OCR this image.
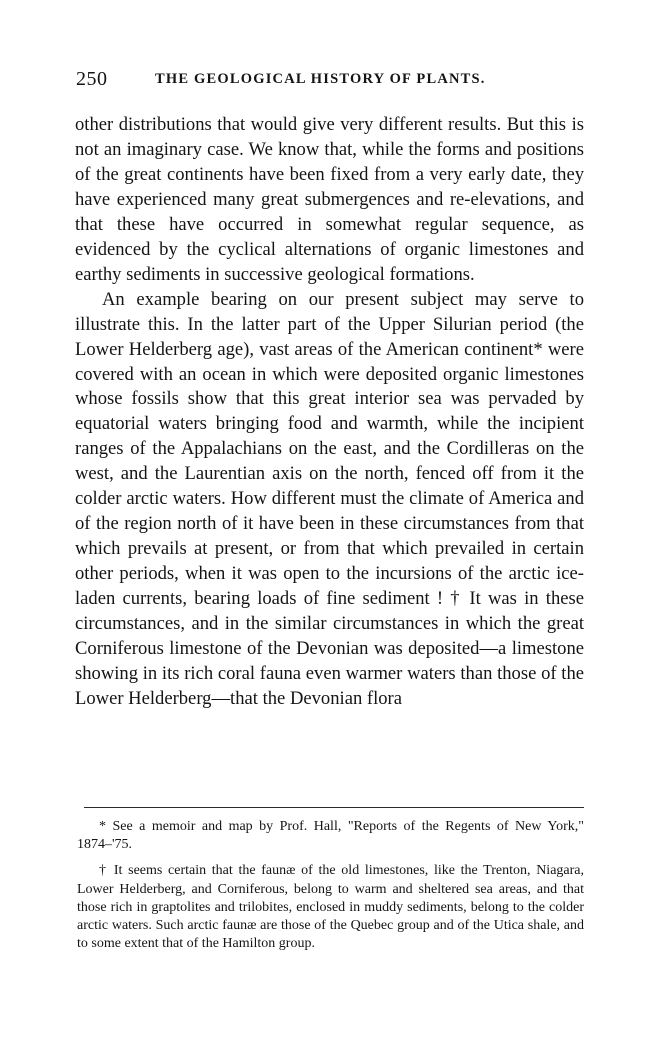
250	THE GEOLOGICAL HISTORY OF PLANTS.

other distributions that would give very different results. But this is not an imaginary case. We know that, while the forms and positions of the great continents have been fixed from a very early date, they have experienced many great submergences and re-elevations, and that these have occurred in somewhat regular sequence, as evidenced by the cyclical alternations of organic limestones and earthy sediments in successive geological formations.

An example bearing on our present subject may serve to illustrate this. In the latter part of the Upper Silurian period (the Lower Helderberg age), vast areas of the American continent* were covered with an ocean in which were deposited organic limestones whose fossils show that this great interior sea was pervaded by equatorial waters bringing food and warmth, while the incipient ranges of the Appalachians on the east, and the Cordilleras on the west, and the Laurentian axis on the north, fenced off from it the colder arctic waters. How different must the climate of America and of the region north of it have been in these circumstances from that which prevails at present, or from that which prevailed in certain other periods, when it was open to the incursions of the arctic ice-laden currents, bearing loads of fine sediment ! † It was in these circumstances, and in the similar circumstances in which the great Corniferous limestone of the Devonian was deposited—a limestone showing in its rich coral fauna even warmer waters than those of the Lower Helderberg—that the Devonian flora

* See a memoir and map by Prof. Hall, "Reports of the Regents of New York," 1874–'75.

† It seems certain that the faunæ of the old limestones, like the Trenton, Niagara, Lower Helderberg, and Corniferous, belong to warm and sheltered sea areas, and that those rich in graptolites and trilobites, enclosed in muddy sediments, belong to the colder arctic waters. Such arctic faunæ are those of the Quebec group and of the Utica shale, and to some extent that of the Hamilton group.
